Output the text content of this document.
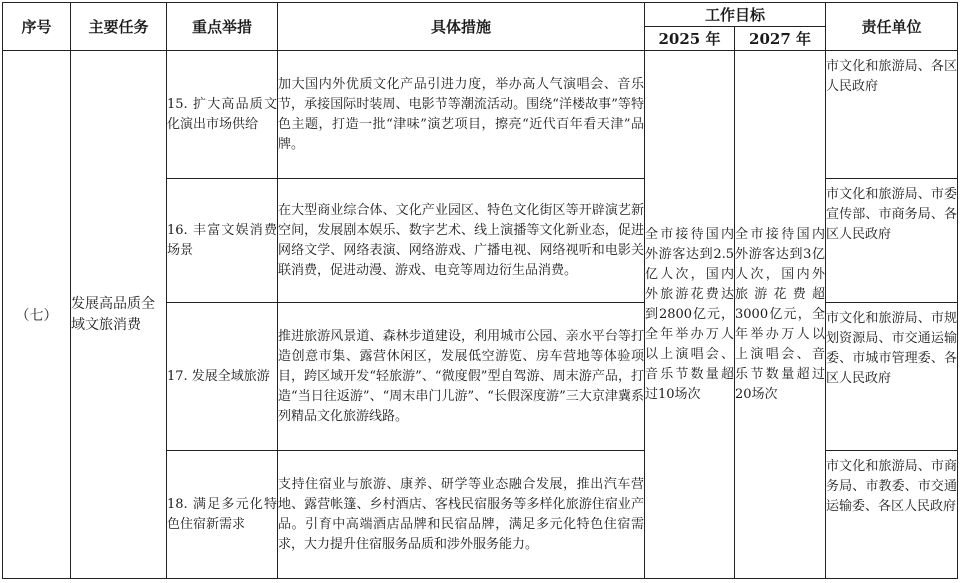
序号	主要任务	重点举措	具体措施	工作目标		责任单位
				2025 年	2027 年	
（七）	发展高品质全域文旅消费	15. 扩大高品质文化演出市场供给	加大国内外优质文化产品引进力度，举办高人气演唱会、音乐节，承接国际时装周、电影节等潮流活动。围绕“洋楼故事”等特色主题，打造一批“津味”演艺项目，擦亮“近代百年看天津”品牌。	全市接待国内外游客达到2.5亿人次，国内外旅游花费达到2800亿元，全年举办万人以上演唱会、音乐节数量超过10场次	全市接待国内外游客达到3亿人次，国内外旅游花费超3000亿元，全年举办万人以上演唱会、音乐节数量超过20场次	市文化和旅游局、各区人民政府
		16. 丰富文娱消费场景	在大型商业综合体、文化产业园区、特色文化街区等开辟演艺新空间，发展剧本娱乐、数字艺术、线上演播等文化新业态，促进网络文学、网络表演、网络游戏、广播电视、网络视听和电影关联消费，促进动漫、游戏、电竞等周边衍生品消费。			市文化和旅游局、市委宣传部、市商务局、各区人民政府
		17. 发展全域旅游	推进旅游风景道、森林步道建设，利用城市公园、亲水平台等打造创意市集、露营休闲区，发展低空游览、房车营地等体验项目，跨区域开发“轻旅游”、“微度假”型自驾游、周末游产品，打造“当日往返游”、“周末串门儿游”、“长假深度游”三大京津冀系列精品文化旅游线路。			市文化和旅游局、市规划资源局、市交通运输委、市城市管理委、各区人民政府
		18. 满足多元化特色住宿新需求	支持住宿业与旅游、康养、研学等业态融合发展，推出汽车营地、露营帐篷、乡村酒店、客栈民宿服务等多样化旅游住宿业产品。引育中高端酒店品牌和民宿品牌，满足多元化特色住宿需求，大力提升住宿服务品质和涉外服务能力。			市文化和旅游局、市商务局、市教委、市交通运输委、各区人民政府
